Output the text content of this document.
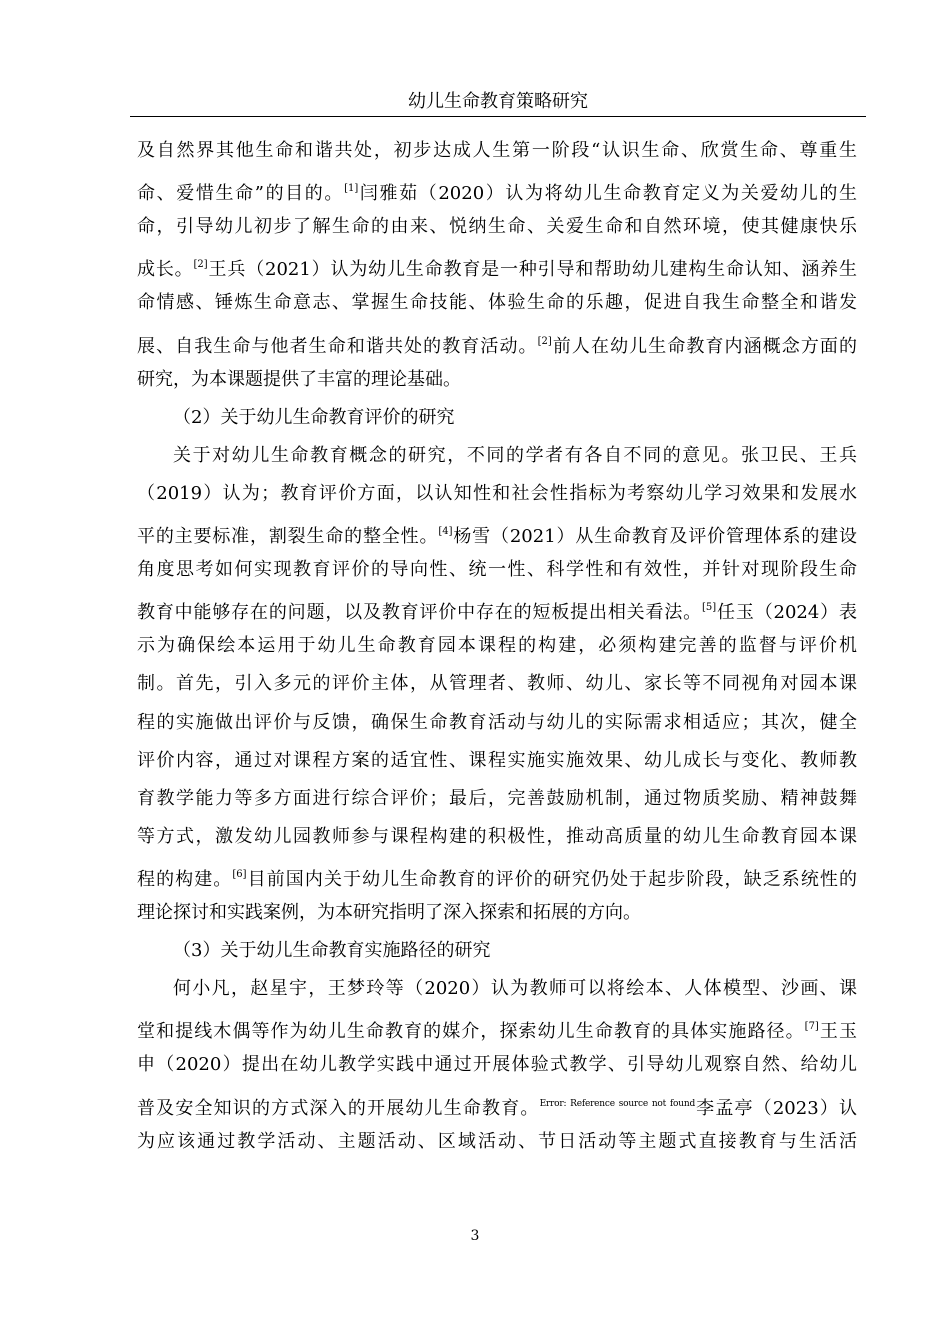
幼儿生命教育策略研究
及自然界其他生命和谐共处，初步达成人生第一阶段“认识生命、欣赏生命、尊重生
命、爱惜生命”的目的。[1]闫雅茹（2020）认为将幼儿生命教育定义为关爱幼儿的生
命，引导幼儿初步了解生命的由来、悦纳生命、关爱生命和自然环境，使其健康快乐
成长。[2]王兵（2021）认为幼儿生命教育是一种引导和帮助幼儿建构生命认知、涵养生
命情感、锤炼生命意志、掌握生命技能、体验生命的乐趣，促进自我生命整全和谐发
展、自我生命与他者生命和谐共处的教育活动。[2]前人在幼儿生命教育内涵概念方面的
研究，为本课题提供了丰富的理论基础。
（2）关于幼儿生命教育评价的研究
关于对幼儿生命教育概念的研究，不同的学者有各自不同的意见。张卫民、王兵
（2019）认为；教育评价方面，以认知性和社会性指标为考察幼儿学习效果和发展水
平的主要标准，割裂生命的整全性。[4]杨雪（2021）从生命教育及评价管理体系的建设
角度思考如何实现教育评价的导向性、统一性、科学性和有效性，并针对现阶段生命
教育中能够存在的问题，以及教育评价中存在的短板提出相关看法。[5]任玉（2024）表
示为确保绘本运用于幼儿生命教育园本课程的构建，必须构建完善的监督与评价机
制。首先，引入多元的评价主体，从管理者、教师、幼儿、家长等不同视角对园本课
程的实施做出评价与反馈，确保生命教育活动与幼儿的实际需求相适应；其次，健全
评价内容，通过对课程方案的适宜性、课程实施实施效果、幼儿成长与变化、教师教
育教学能力等多方面进行综合评价；最后，完善鼓励机制，通过物质奖励、精神鼓舞
等方式，激发幼儿园教师参与课程构建的积极性，推动高质量的幼儿生命教育园本课
程的构建。[6]目前国内关于幼儿生命教育的评价的研究仍处于起步阶段，缺乏系统性的
理论探讨和实践案例，为本研究指明了深入探索和拓展的方向。
（3）关于幼儿生命教育实施路径的研究
何小凡，赵星宇，王梦玲等（2020）认为教师可以将绘本、人体模型、沙画、课
堂和提线木偶等作为幼儿生命教育的媒介，探索幼儿生命教育的具体实施路径。[7]王玉
申（2020）提出在幼儿教学实践中通过开展体验式教学、引导幼儿观察自然、给幼儿
普及安全知识的方式深入的开展幼儿生命教育。$^{Error: Reference source not found}$李孟亭（2023）认
为应该通过教学活动、主题活动、区域活动、节日活动等主题式直接教育与生活活
3
